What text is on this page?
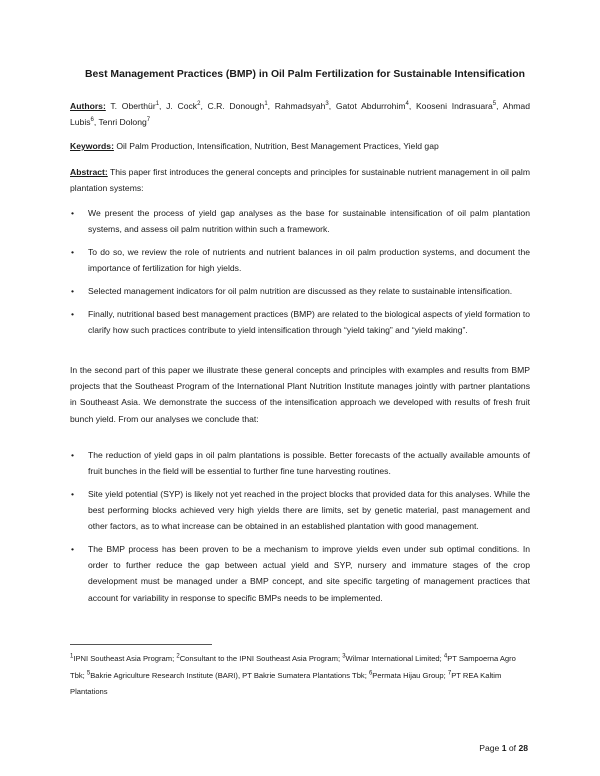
Best Management Practices (BMP) in Oil Palm Fertilization for Sustainable Intensification
Authors: T. Oberthür$^1$, J. Cock$^2$, C.R. Donough$^1$, Rahmadsyah$^3$, Gatot Abdurrohim$^4$, Kooseni Indrasuara$^5$, Ahmad Lubis$^6$, Tenri Dolong$^7$
Keywords: Oil Palm Production, Intensification, Nutrition, Best Management Practices, Yield gap
Abstract: This paper first introduces the general concepts and principles for sustainable nutrient management in oil palm plantation systems:
• We present the process of yield gap analyses as the base for sustainable intensification of oil palm plantation systems, and assess oil palm nutrition within such a framework.
• To do so, we review the role of nutrients and nutrient balances in oil palm production systems, and document the importance of fertilization for high yields.
• Selected management indicators for oil palm nutrition are discussed as they relate to sustainable intensification.
• Finally, nutritional based best management practices (BMP) are related to the biological aspects of yield formation to clarify how such practices contribute to yield intensification through “yield taking” and “yield making”.
In the second part of this paper we illustrate these general concepts and principles with examples and results from BMP projects that the Southeast Program of the International Plant Nutrition Institute manages jointly with partner plantations in Southeast Asia. We demonstrate the success of the intensification approach we developed with results of fresh fruit bunch yield. From our analyses we conclude that:
• The reduction of yield gaps in oil palm plantations is possible. Better forecasts of the actually available amounts of fruit bunches in the field will be essential to further fine tune harvesting routines.
• Site yield potential (SYP) is likely not yet reached in the project blocks that provided data for this analyses. While the best performing blocks achieved very high yields there are limits, set by genetic material, past management and other factors, as to what increase can be obtained in an established plantation with good management.
• The BMP process has been proven to be a mechanism to improve yields even under sub optimal conditions. In order to further reduce the gap between actual yield and SYP, nursery and immature stages of the crop development must be managed under a BMP concept, and site specific targeting of management practices that account for variability in response to specific BMPs needs to be implemented.
$^1$IPNI Southeast Asia Program; $^2$Consultant to the IPNI Southeast Asia Program; $^3$Wilmar International Limited; $^4$PT Sampoerna Agro Tbk; $^5$Bakrie Agriculture Research Institute (BARI), PT Bakrie Sumatera Plantations Tbk; $^6$Permata Hijau Group; $^7$PT REA Kaltim Plantations
Page 1 of 28
